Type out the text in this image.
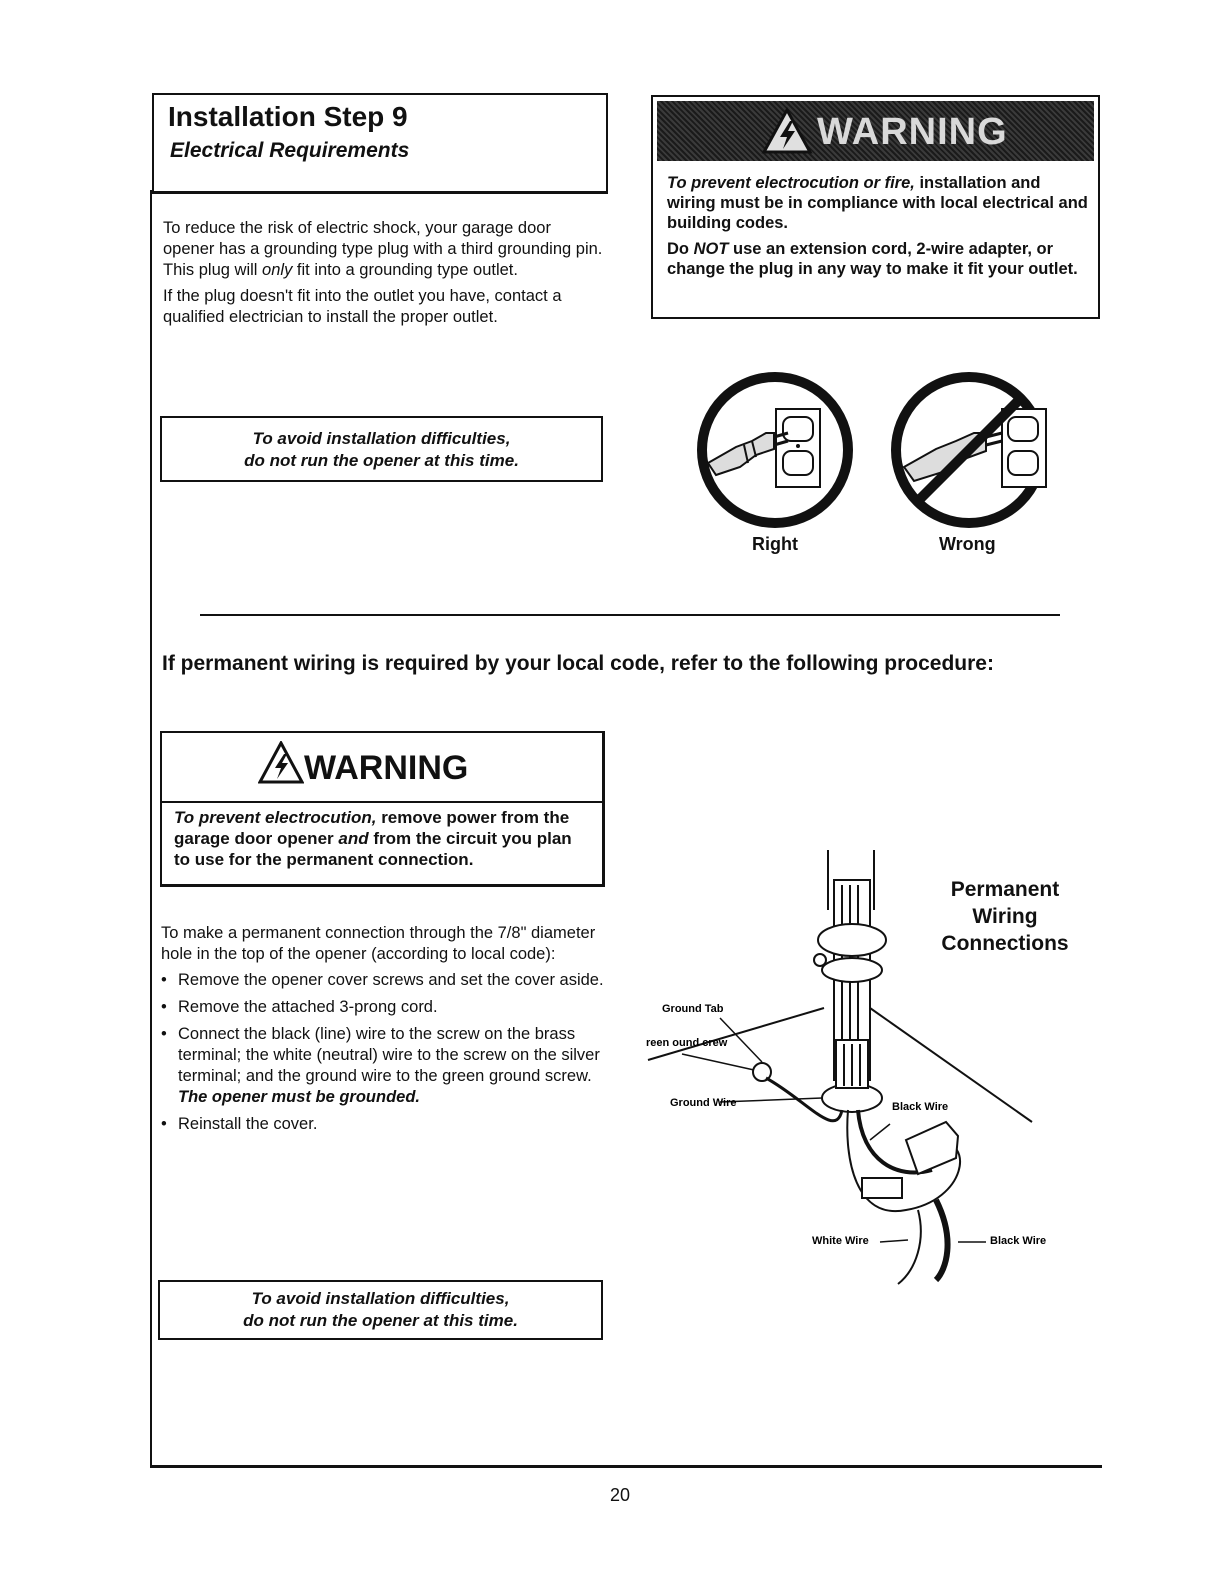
Installation Step 9
Electrical Requirements

To reduce the risk of electric shock, your garage door opener has a grounding type plug with a third grounding pin. This plug will only fit into a grounding type outlet.

If the plug doesn't fit into the outlet you have, contact a qualified electrician to install the proper outlet.

To avoid installation difficulties,
do not run the opener at this time.
WARNING

To prevent electrocution or fire, installation and wiring must be in compliance with local electrical and building codes.

Do NOT use an extension cord, 2-wire adapter, or change the plug in any way to make it fit your outlet.

Right	Wrong
If permanent wiring is required by your local code, refer to the following procedure:
WARNING
To prevent electrocution, remove power from the garage door opener and from the circuit you plan to use for the permanent connection.

To make a permanent connection through the 7/8" diameter hole in the top of the opener (according to local code):

• Remove the opener cover screws and set the cover aside.
• Remove the attached 3-prong cord.
• Connect the black (line) wire to the screw on the brass terminal; the white (neutral) wire to the screw on the silver terminal; and the ground wire to the green ground screw. The opener must be grounded.
• Reinstall the cover.
To avoid installation difficulties,
do not run the opener at this time.
Ground Tab
reen ound crew
Ground Wire	Black Wire
White Wire	Black Wire
Permanent Wiring Connections
20
